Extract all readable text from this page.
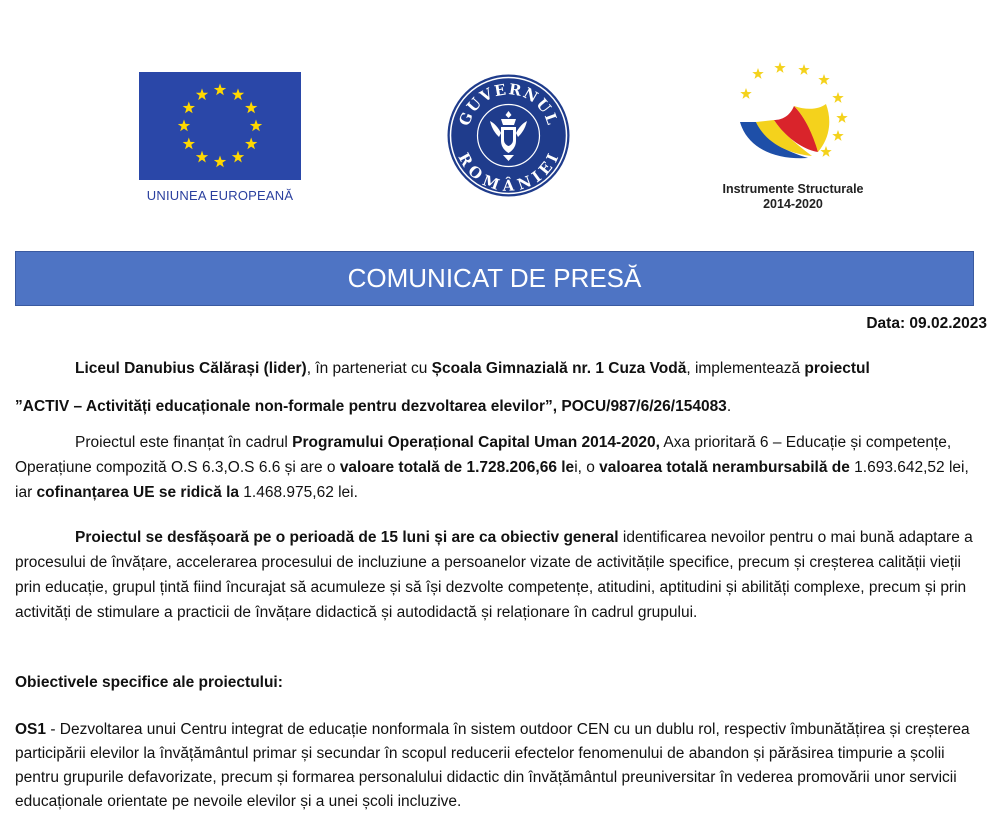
UNIUNEA EUROPEANĂ
GUVERNUL
ROMÂNIEI
Instrumente Structurale
2014-2020
COMUNICAT DE PRESĂ
Data: 09.02.2023
Liceul Danubius Călărași (lider), în parteneriat cu Școala Gimnazială nr. 1 Cuza Vodă, implementează proiectul
”ACTIV – Activități educaționale non-formale pentru dezvoltarea elevilor”, POCU/987/6/26/154083.
Proiectul este finanțat în cadrul Programului Operațional Capital Uman 2014-2020, Axa prioritară 6 – Educație și competențe, Operațiune compozită O.S 6.3,O.S 6.6 și are o valoare totală de 1.728.206,66 lei, o valoarea totală nerambursabilă de 1.693.642,52 lei, iar cofinanțarea UE se ridică la 1.468.975,62 lei.
Proiectul se desfășoară pe o perioadă de 15 luni și are ca obiectiv general identificarea nevoilor pentru o mai bună adaptare a procesului de învățare, accelerarea procesului de incluziune a persoanelor vizate de activitățile specifice, precum și creșterea calității vieții prin educație, grupul țintă fiind încurajat să acumuleze și să își dezvolte competențe, atitudini, aptitudini și abilități complexe, precum și prin activități de stimulare a practicii de învățare didactică și autodidactă și relaționare în cadrul grupului.
Obiectivele specifice ale proiectului:
OS1 - Dezvoltarea unui Centru integrat de educație nonformala în sistem outdoor CEN cu un dublu rol, respectiv îmbunătățirea și creșterea participării elevilor la învățământul primar și secundar în scopul reducerii efectelor fenomenului de abandon și părăsirea timpurie a școlii pentru grupurile defavorizate, precum și formarea personalului didactic din învățământul preuniversitar în vederea promovării unor servicii educaționale orientate pe nevoile elevilor și a unei școli incluzive.
